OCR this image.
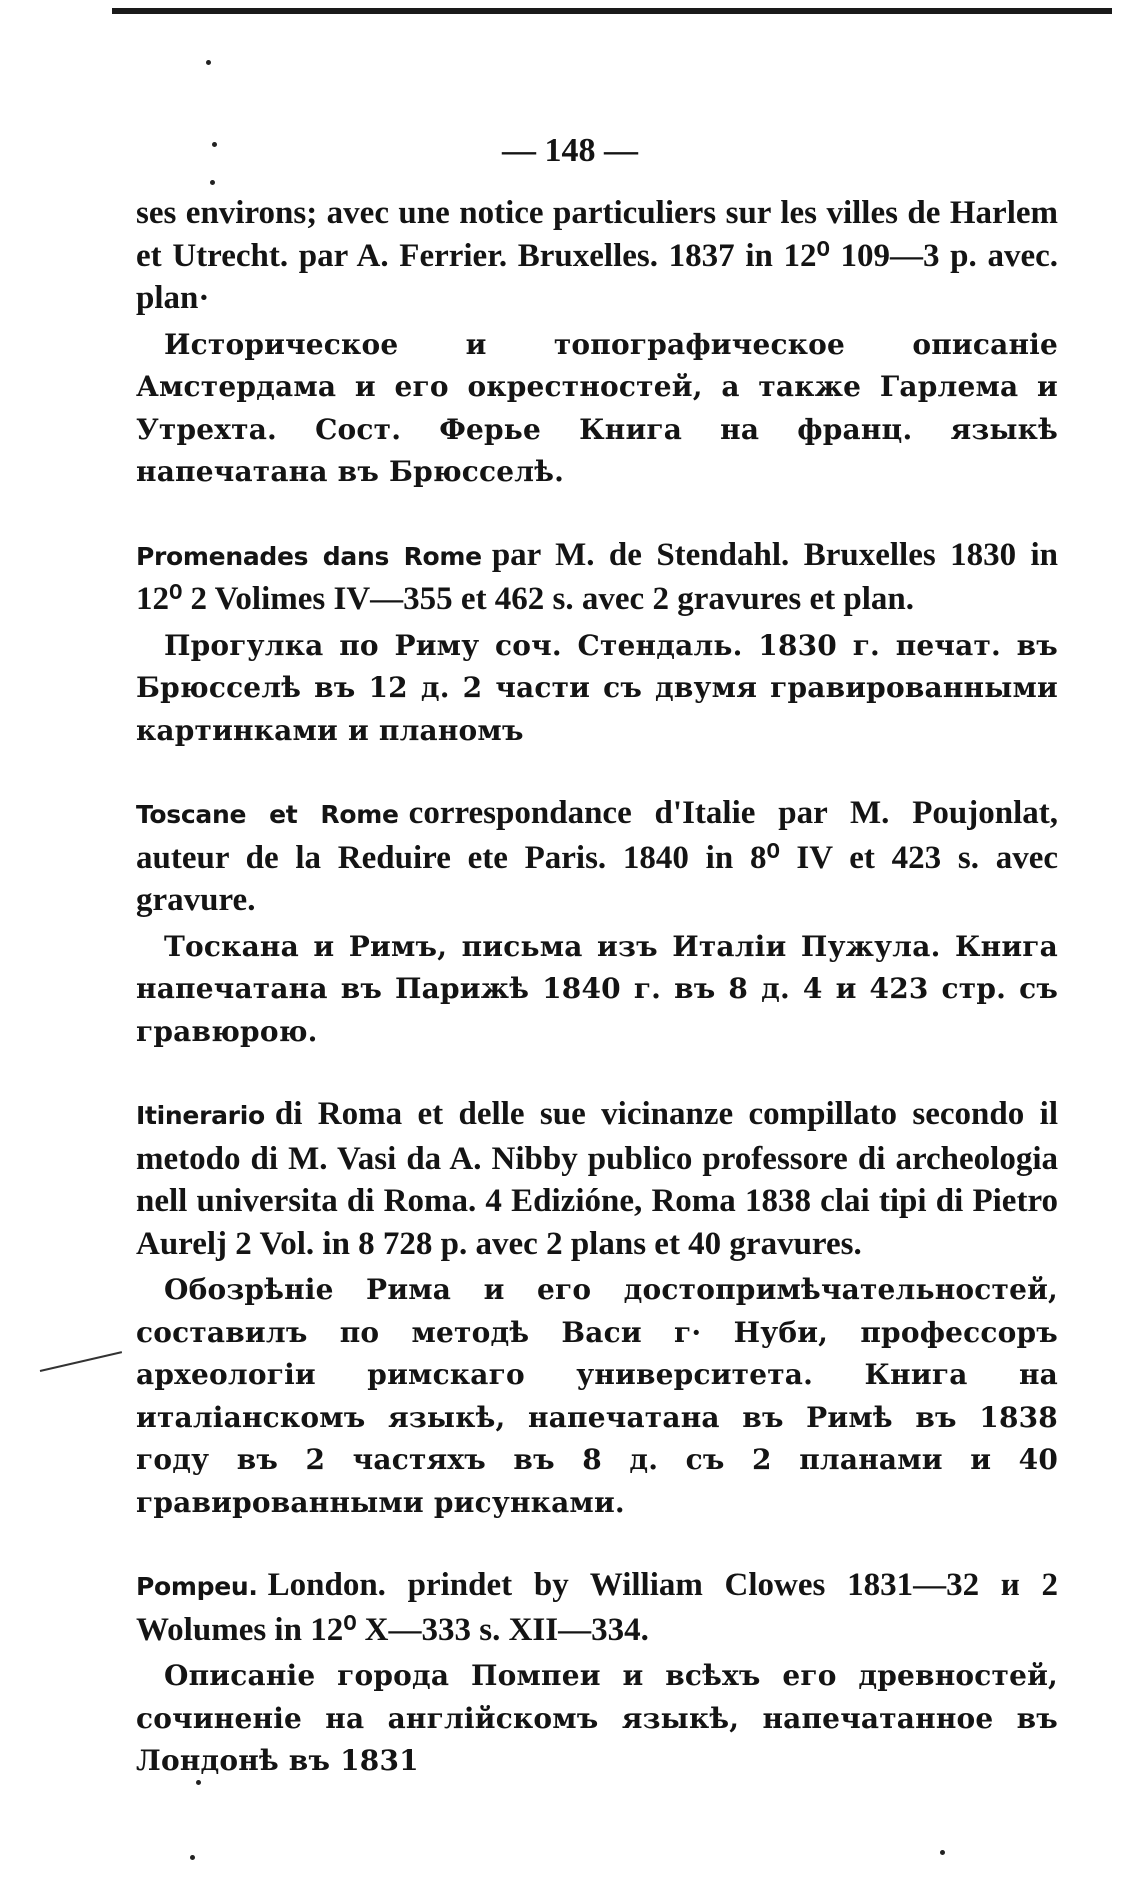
— 148 —

ses environs; avec une notice particuliers sur les villes de Harlem et Utrecht. par A. Ferrier. Bruxelles. 1837 in 12⁰ 109—3 p. avec. plan·

Историческое и топографическое описаніе Амстердама и его окрестностей, а также Гарлема и Утрехта. Сост. Ферье Книга на франц. языкѣ напечатана въ Брюсселѣ.

Promenades dans Rome par M. de Stendahl. Bruxelles 1830 in 12⁰ 2 Volimes IV—355 et 462 s. avec 2 gravures et plan.

Прогулка по Риму соч. Стендаль. 1830 г. печат. въ Брюсселѣ въ 12 д. 2 части съ двумя гравированными картинками и планомъ

Toscane et Rome correspondance d'Italie par M. Poujonlat, auteur de la Reduire ete Paris. 1840 in 8⁰ IV et 423 s. avec gravure.

Тоскана и Римъ, письма изъ Италіи Пужула. Книга напечатана въ Парижѣ 1840 г. въ 8 д. 4 и 423 стр. съ гравюрою.

Itinerario di Roma et delle sue vicinanze compillato secondo il metodo di M. Vasi da A. Nibby publico professore di archeologia nell universita di Roma. 4 Edizióne, Roma 1838 clai tipi di Pietro Aurelj 2 Vol. in 8 728 p. avec 2 plans et 40 gravures.

Обозрѣніе Рима и его достопримѣчательностей, составилъ по методѣ Васи г· Нуби, профессоръ археологіи римскаго университета. Книга на италіанскомъ языкѣ, напечатана въ Римѣ въ 1838 году въ 2 частяхъ въ 8 д. съ 2 планами и 40 гравированными рисунками.

Pompeu. London. prindet by William Clowes 1831—32 и 2 Wolumes in 12⁰ X—333 s. XII—334.

Описаніе города Помпеи и всѣхъ его древностей, сочиненіе на англійскомъ языкѣ, напечатанное въ Лондонѣ въ 1831
